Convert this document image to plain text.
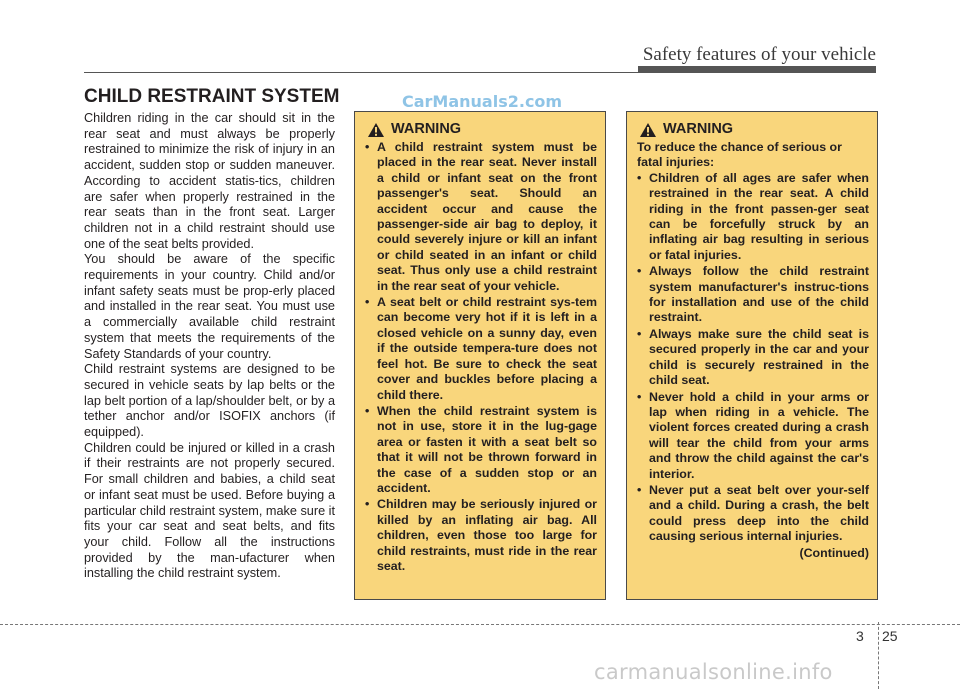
Safety features of your vehicle
CHILD RESTRAINT SYSTEM	CarManuals2.com

Children riding in the car should sit in the rear seat and must always be properly restrained to minimize the risk of injury in an accident, sudden stop or sudden maneuver. According to accident statis-tics, children are safer when properly restrained in the rear seats than in the front seat. Larger children not in a child restraint should use one of the seat belts provided.

You should be aware of the specific requirements in your country. Child and/or infant safety seats must be prop-erly placed and installed in the rear seat. You must use a commercially available child restraint system that meets the requirements of the Safety Standards of your country.

Child restraint systems are designed to be secured in vehicle seats by lap belts or the lap belt portion of a lap/shoulder belt, or by a tether anchor and/or ISOFIX anchors (if equipped).

Children could be injured or killed in a crash if their restraints are not properly secured. For small children and babies, a child seat or infant seat must be used. Before buying a particular child restraint system, make sure it fits your car seat and seat belts, and fits your child. Follow all the instructions provided by the man-ufacturer when installing the child restraint system.

WARNING
• A child restraint system must be placed in the rear seat. Never install a child or infant seat on the front passenger's seat. Should an accident occur and cause the passenger-side air bag to deploy, it could severely injure or kill an infant or child seated in an infant or child seat. Thus only use a child restraint in the rear seat of your vehicle.
• A seat belt or child restraint sys-tem can become very hot if it is left in a closed vehicle on a sunny day, even if the outside tempera-ture does not feel hot. Be sure to check the seat cover and buckles before placing a child there.
• When the child restraint system is not in use, store it in the lug-gage area or fasten it with a seat belt so that it will not be thrown forward in the case of a sudden stop or an accident.
• Children may be seriously injured or killed by an inflating air bag. All children, even those too large for child restraints, must ride in the rear seat.
WARNING
To reduce the chance of serious or fatal injuries:
• Children of all ages are safer when restrained in the rear seat. A child riding in the front passen-ger seat can be forcefully struck by an inflating air bag resulting in serious or fatal injuries.
• Always follow the child restraint system manufacturer's instruc-tions for installation and use of the child restraint.
• Always make sure the child seat is secured properly in the car and your child is securely restrained in the child seat.
• Never hold a child in your arms or lap when riding in a vehicle. The violent forces created during a crash will tear the child from your arms and throw the child against the car's interior.
• Never put a seat belt over your-self and a child. During a crash, the belt could press deep into the child causing serious internal injuries.
(Continued)
3 25
carmanualsonline.info
